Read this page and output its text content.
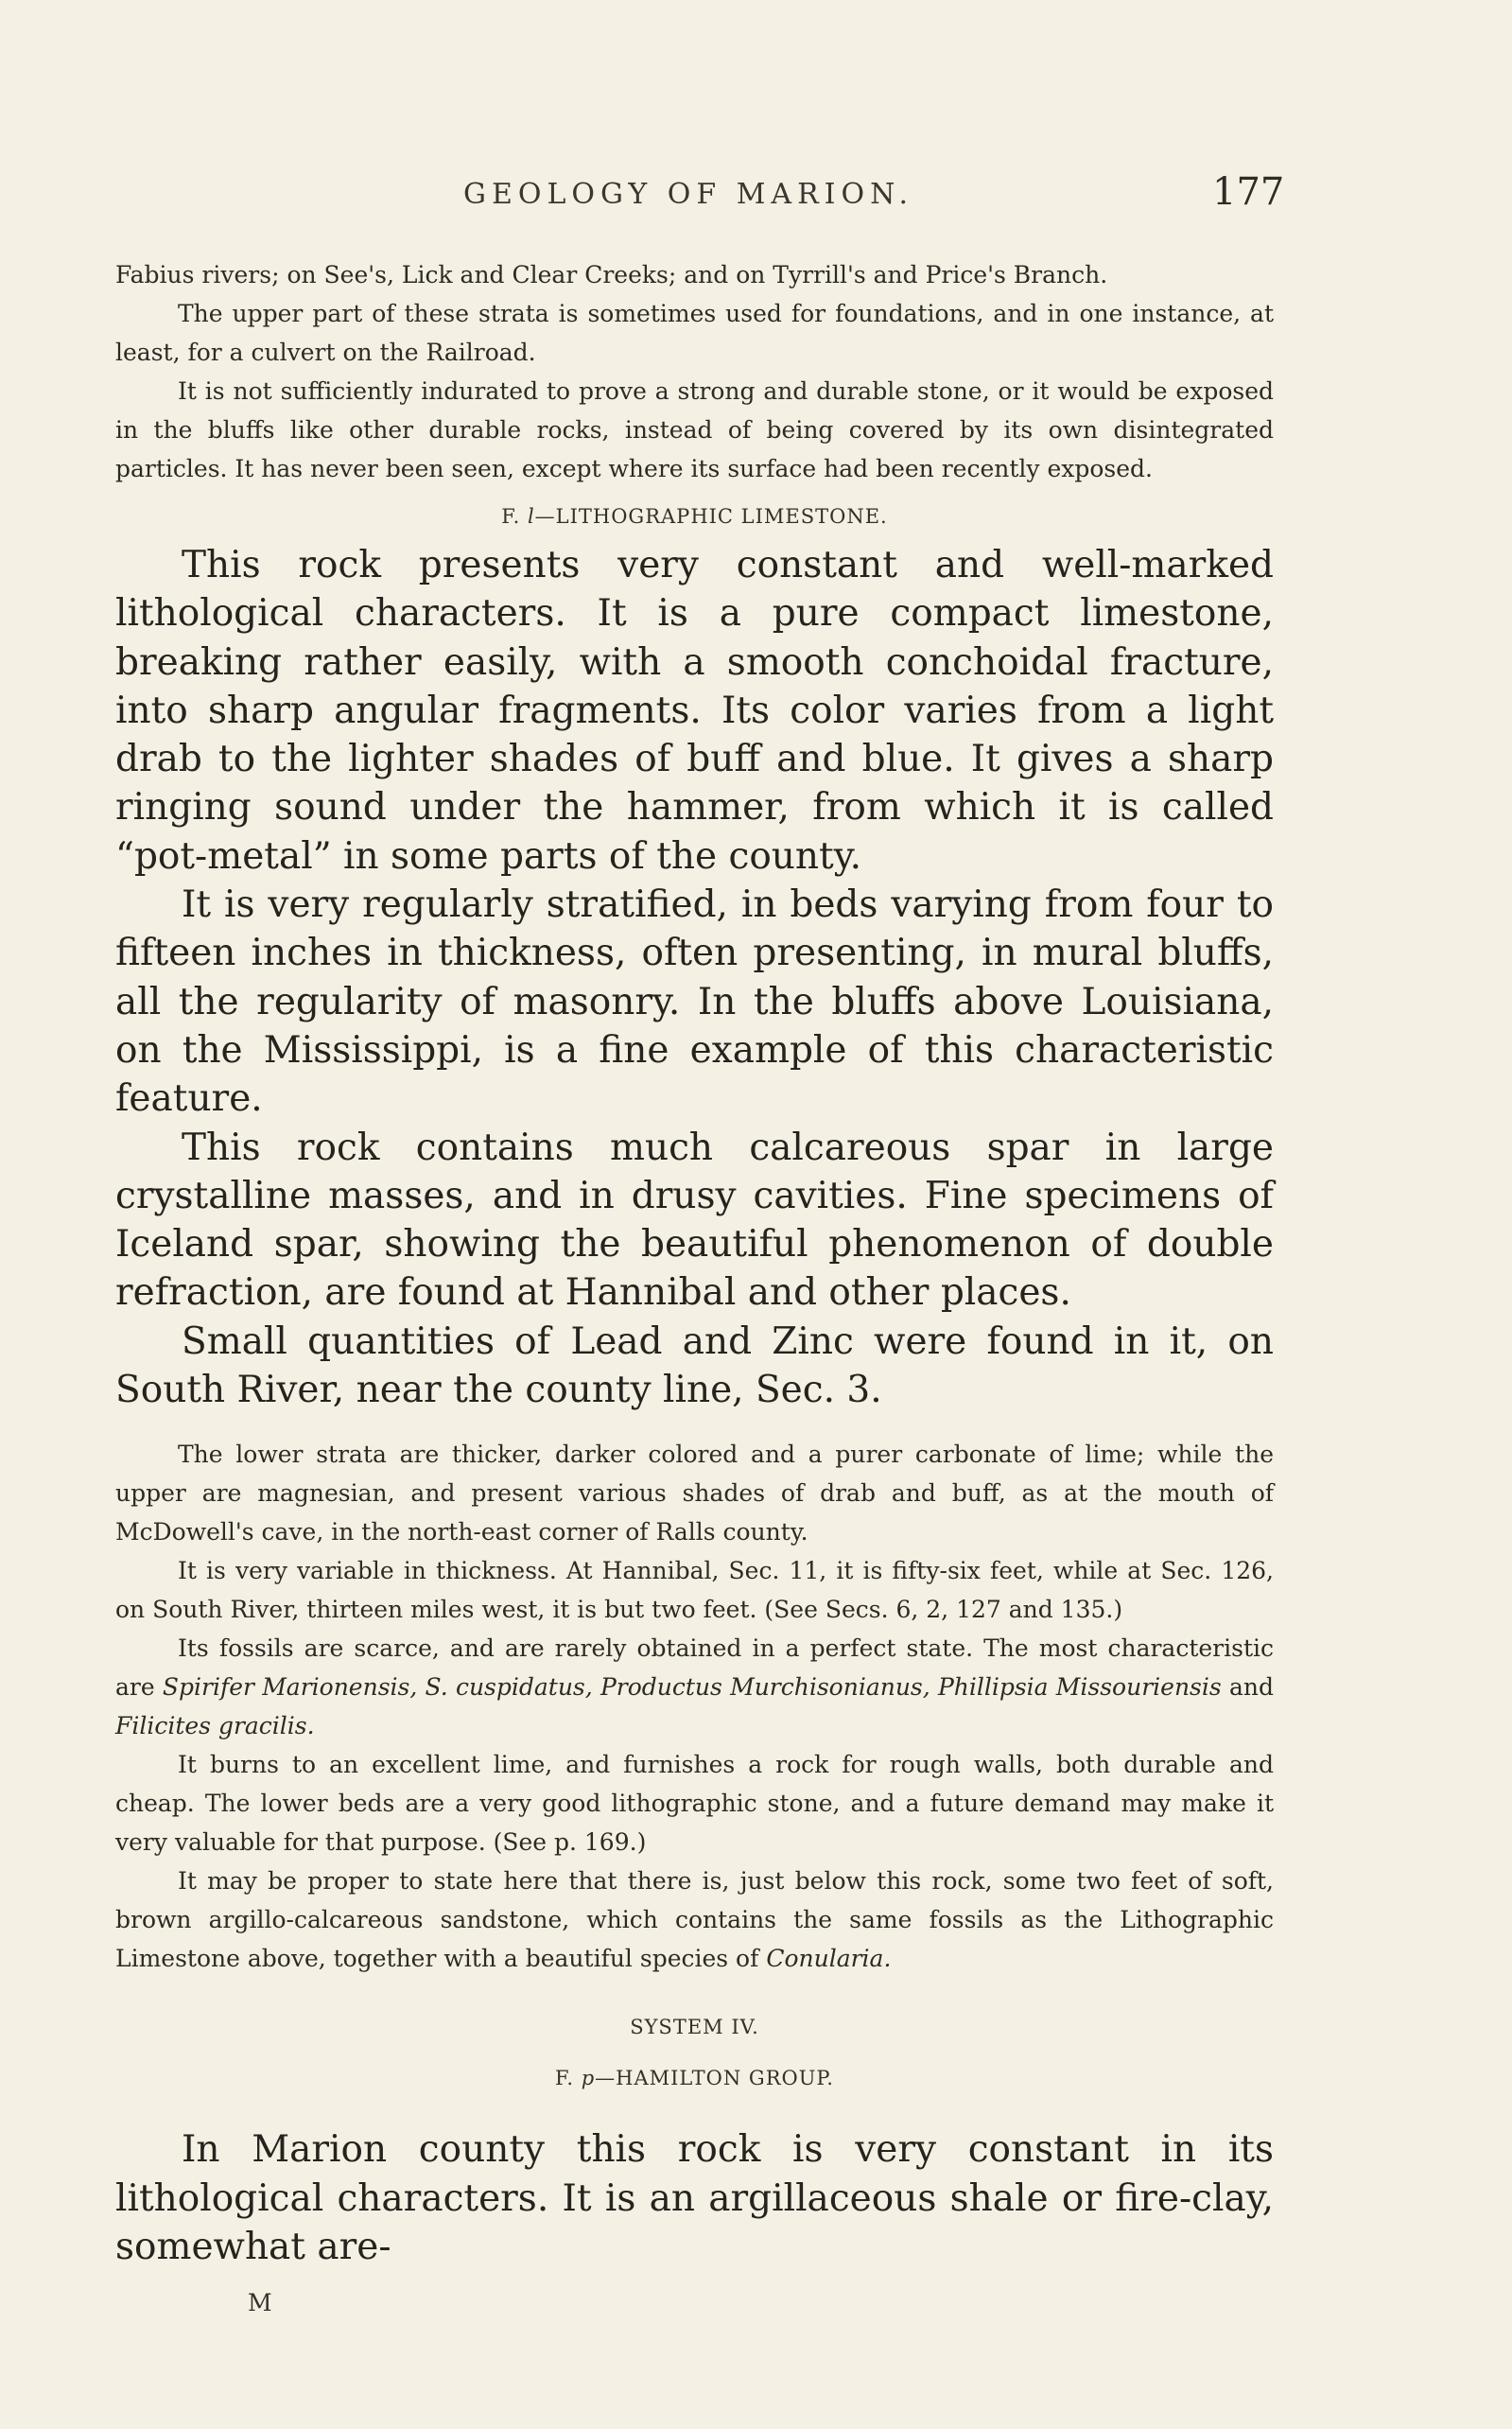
GEOLOGY OF MARION.	177

Fabius rivers; on See's, Lick and Clear Creeks; and on Tyrrill's and Price's Branch.

The upper part of these strata is sometimes used for foundations, and in one instance, at least, for a culvert on the Railroad.

It is not sufficiently indurated to prove a strong and durable stone, or it would be exposed in the bluffs like other durable rocks, instead of being covered by its own disintegrated particles. It has never been seen, except where its surface had been recently exposed.

F. l—LITHOGRAPHIC LIMESTONE.

This rock presents very constant and well-marked lithological characters. It is a pure compact limestone, breaking rather easily, with a smooth conchoidal fracture, into sharp angular fragments. Its color varies from a light drab to the lighter shades of buff and blue. It gives a sharp ringing sound under the hammer, from which it is called “pot-metal” in some parts of the county.

It is very regularly stratified, in beds varying from four to fifteen inches in thickness, often presenting, in mural bluffs, all the regularity of masonry. In the bluffs above Louisiana, on the Mississippi, is a fine example of this characteristic feature.

This rock contains much calcareous spar in large crystalline masses, and in drusy cavities. Fine specimens of Iceland spar, showing the beautiful phenomenon of double refraction, are found at Hannibal and other places.

Small quantities of Lead and Zinc were found in it, on South River, near the county line, Sec. 3.

The lower strata are thicker, darker colored and a purer carbonate of lime; while the upper are magnesian, and present various shades of drab and buff, as at the mouth of McDowell's cave, in the north-east corner of Ralls county.

It is very variable in thickness. At Hannibal, Sec. 11, it is fifty-six feet, while at Sec. 126, on South River, thirteen miles west, it is but two feet. (See Secs. 6, 2, 127 and 135.)

Its fossils are scarce, and are rarely obtained in a perfect state. The most characteristic are Spirifer Marionensis, S. cuspidatus, Productus Murchisonianus, Phillipsia Missouriensis and Filicites gracilis.

It burns to an excellent lime, and furnishes a rock for rough walls, both durable and cheap. The lower beds are a very good lithographic stone, and a future demand may make it very valuable for that purpose. (See p. 169.)

It may be proper to state here that there is, just below this rock, some two feet of soft, brown argillo-calcareous sandstone, which contains the same fossils as the Lithographic Limestone above, together with a beautiful species of Conularia.

SYSTEM IV.

F. p—HAMILTON GROUP.

In Marion county this rock is very constant in its lithological characters. It is an argillaceous shale or fire-clay, somewhat are-

M
